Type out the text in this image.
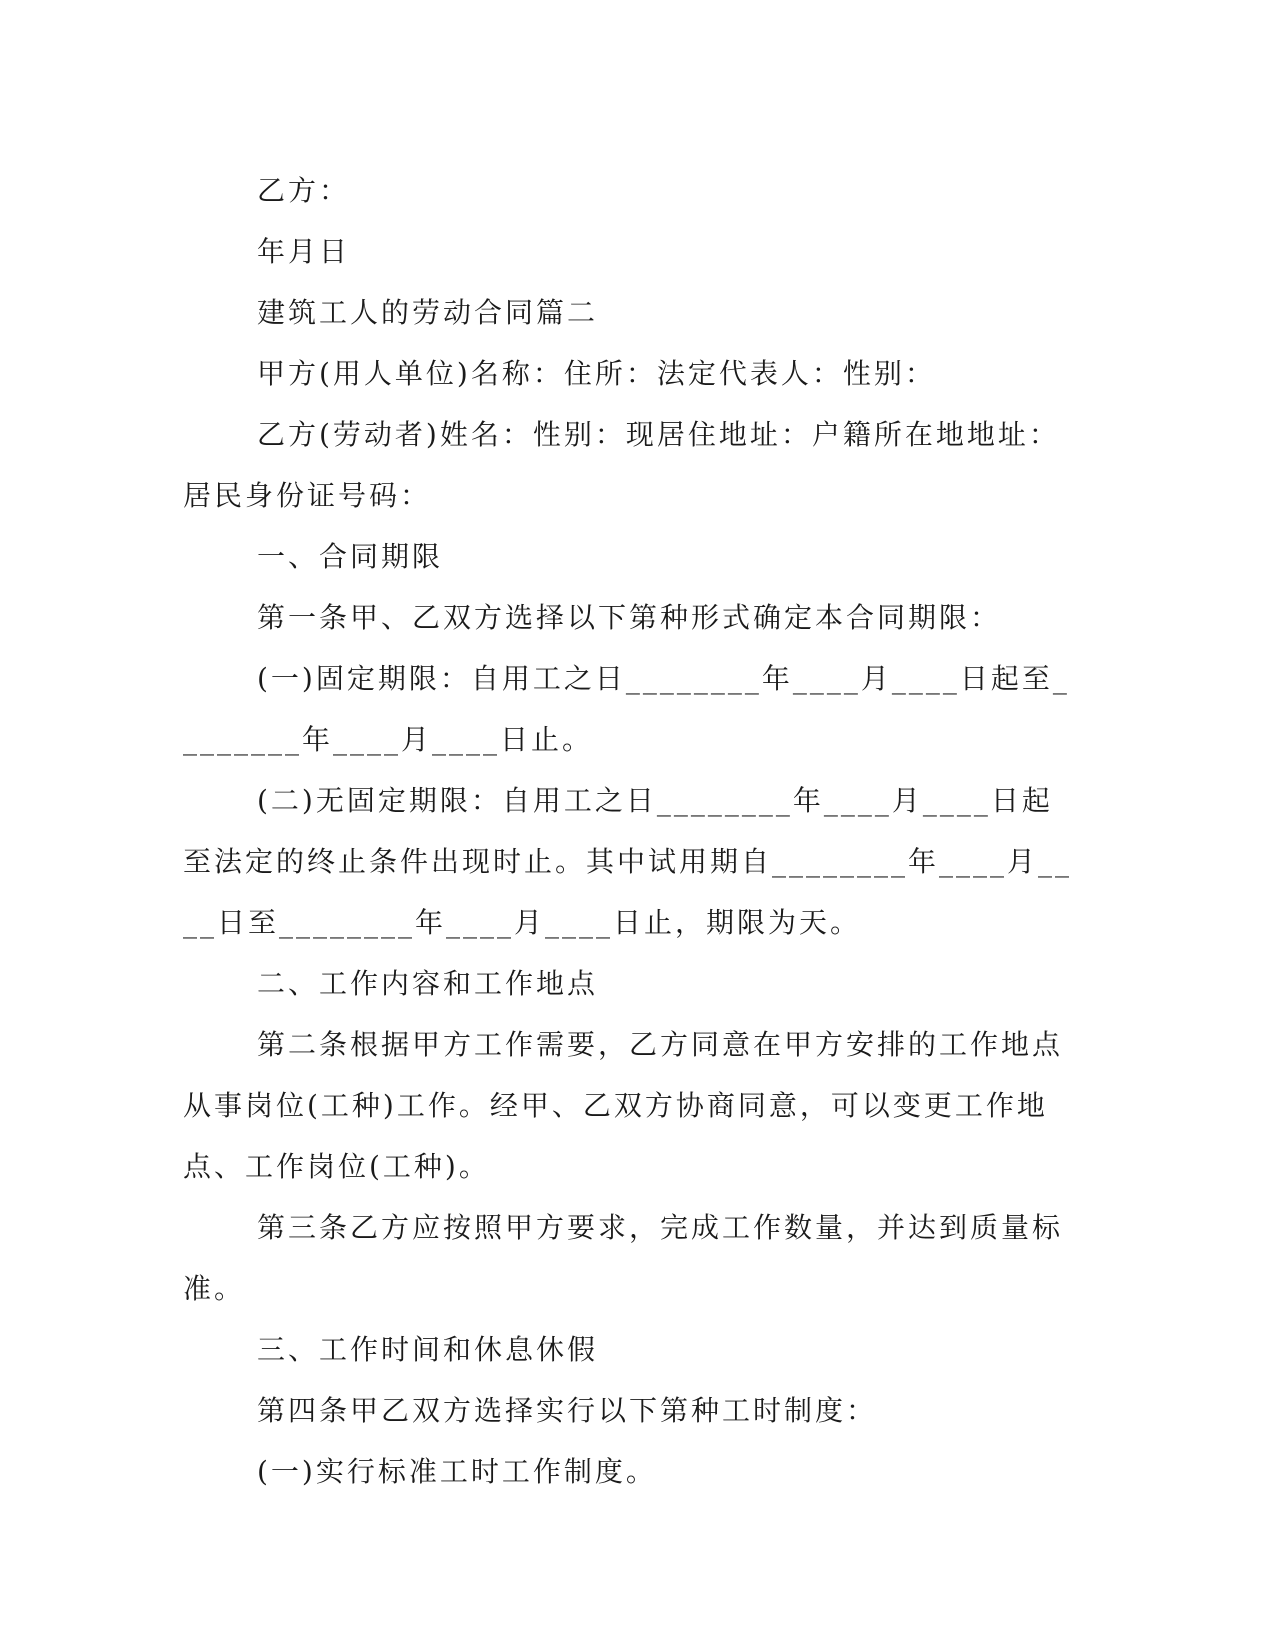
乙方：

年月日

建筑工人的劳动合同篇二

甲方(用人单位)名称：住所：法定代表人：性别：

乙方(劳动者)姓名：性别：现居住地址：户籍所在地地址：居民身份证号码：

一、合同期限

第一条甲、乙双方选择以下第种形式确定本合同期限：

(一)固定期限：自用工之日________年____月____日起至________年____月____日止。

(二)无固定期限：自用工之日________年____月____日起至法定的终止条件出现时止。其中试用期自________年____月____日至________年____月____日止，期限为天。

二、工作内容和工作地点

第二条根据甲方工作需要，乙方同意在甲方安排的工作地点从事岗位(工种)工作。经甲、乙双方协商同意，可以变更工作地点、工作岗位(工种)。

第三条乙方应按照甲方要求，完成工作数量，并达到质量标准。

三、工作时间和休息休假

第四条甲乙双方选择实行以下第种工时制度：

(一)实行标准工时工作制度。
